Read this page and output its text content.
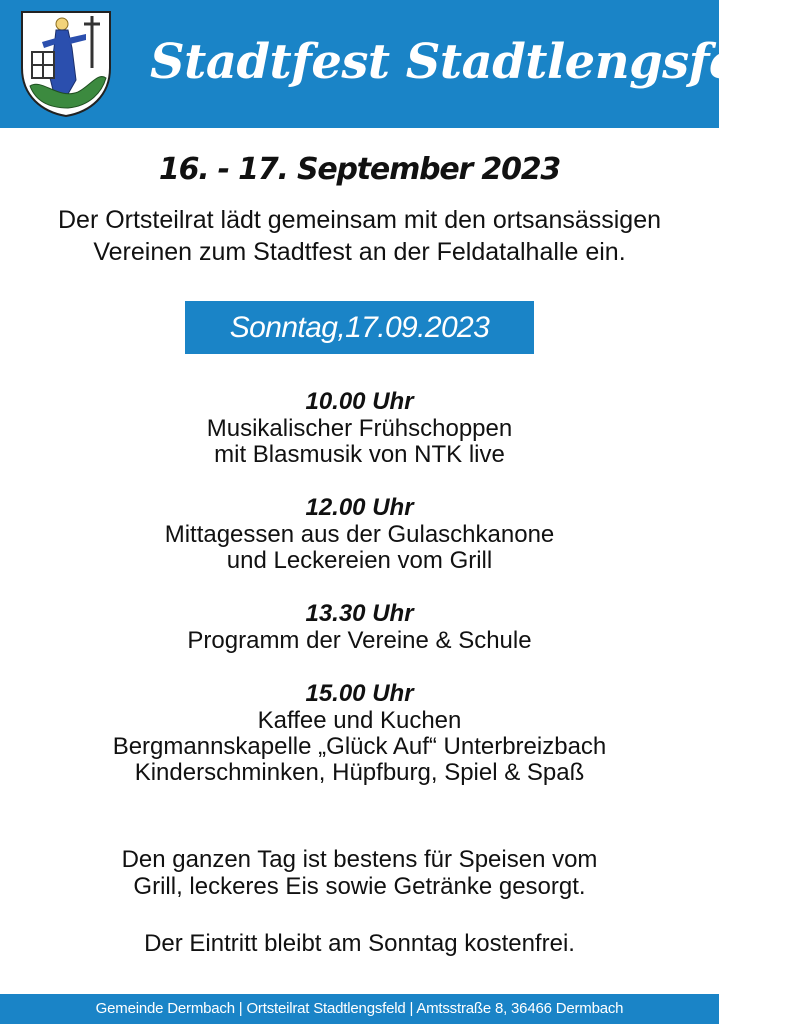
Stadtfest Stadtlengsfeld
16. - 17. September 2023
Der Ortsteilrat lädt gemeinsam mit den ortsansässigen
Vereinen zum Stadtfest an der Feldatalhalle ein.
Sonntag,17.09.2023
10.00 Uhr
Musikalischer Frühschoppen
mit Blasmusik von NTK live
12.00 Uhr
Mittagessen aus der Gulaschkanone
und Leckereien vom Grill
13.30 Uhr
Programm der Vereine & Schule
15.00 Uhr
Kaffee und Kuchen
Bergmannskapelle „Glück Auf“ Unterbreizbach
Kinderschminken, Hüpfburg, Spiel & Spaß
Den ganzen Tag ist bestens für Speisen vom
Grill, leckeres Eis sowie Getränke gesorgt.
Der Eintritt bleibt am Sonntag kostenfrei.
Gemeinde Dermbach | Ortsteilrat Stadtlengsfeld | Amtsstraße 8, 36466 Dermbach
